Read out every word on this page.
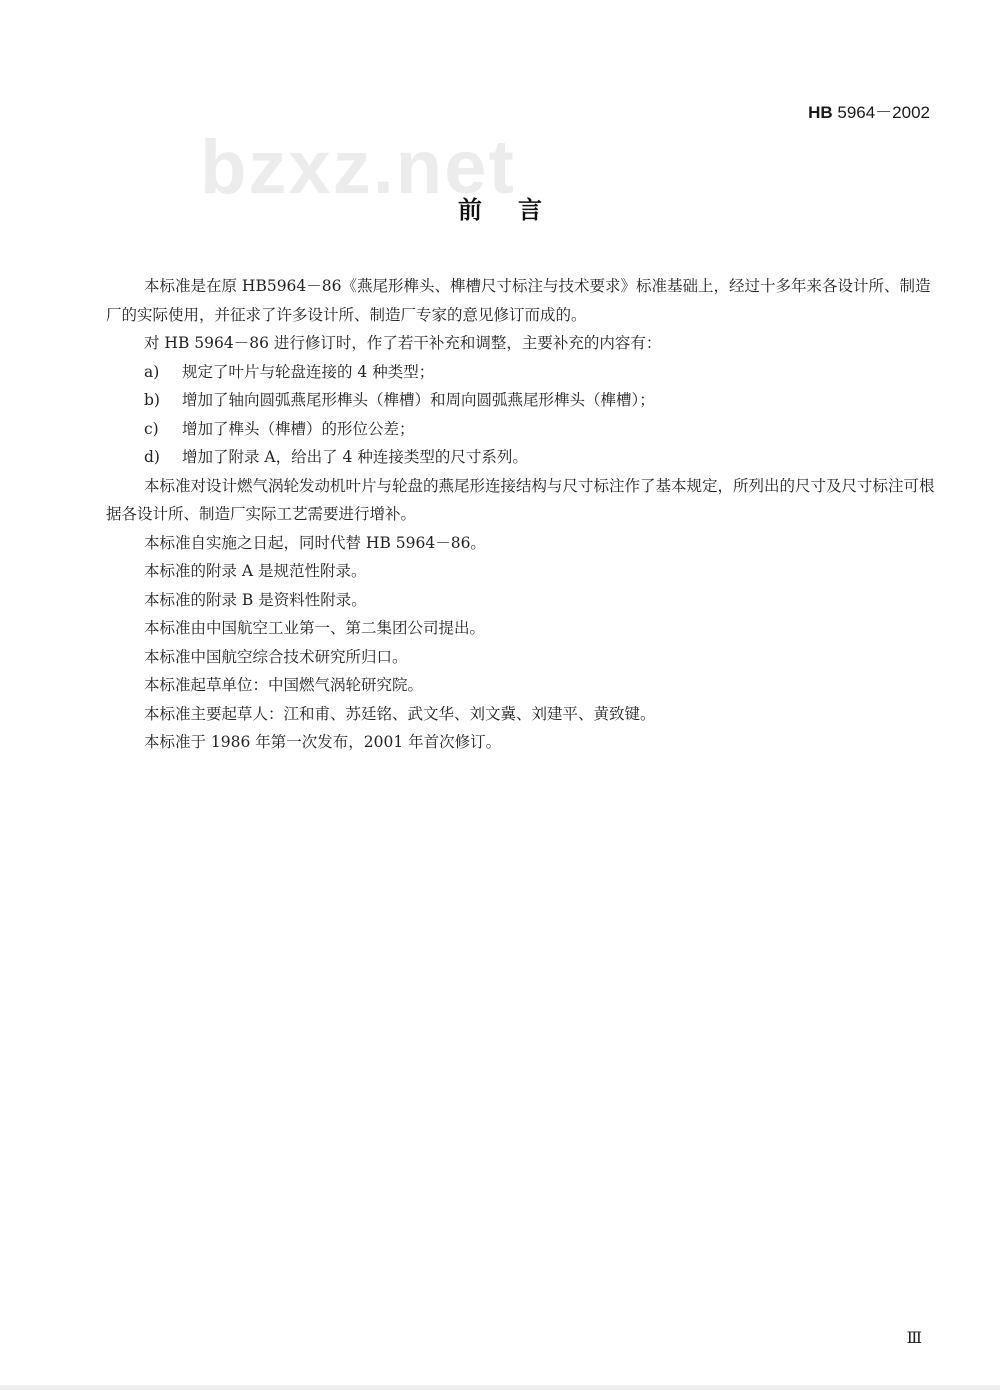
HB 5964－2002
bzxz.net
前言

本标准是在原 HB5964－86《燕尾形榫头、榫槽尺寸标注与技术要求》标准基础上，经过十多年来各设计所、制造厂的实际使用，并征求了许多设计所、制造厂专家的意见修订而成的。

对 HB 5964－86 进行修订时，作了若干补充和调整，主要补充的内容有：

a)	规定了叶片与轮盘连接的 4 种类型；
b)	增加了轴向圆弧燕尾形榫头（榫槽）和周向圆弧燕尾形榫头（榫槽）；
c)	增加了榫头（榫槽）的形位公差；
d)	增加了附录 A，给出了 4 种连接类型的尺寸系列。

本标准对设计燃气涡轮发动机叶片与轮盘的燕尾形连接结构与尺寸标注作了基本规定，所列出的尺寸及尺寸标注可根据各设计所、制造厂实际工艺需要进行增补。

本标准自实施之日起，同时代替 HB 5964－86。

本标准的附录 A 是规范性附录。

本标准的附录 B 是资料性附录。

本标准由中国航空工业第一、第二集团公司提出。

本标准中国航空综合技术研究所归口。

本标准起草单位：中国燃气涡轮研究院。

本标准主要起草人：江和甫、苏廷铭、武文华、刘文冀、刘建平、黄致键。

本标准于 1986 年第一次发布，2001 年首次修订。

Ⅲ
